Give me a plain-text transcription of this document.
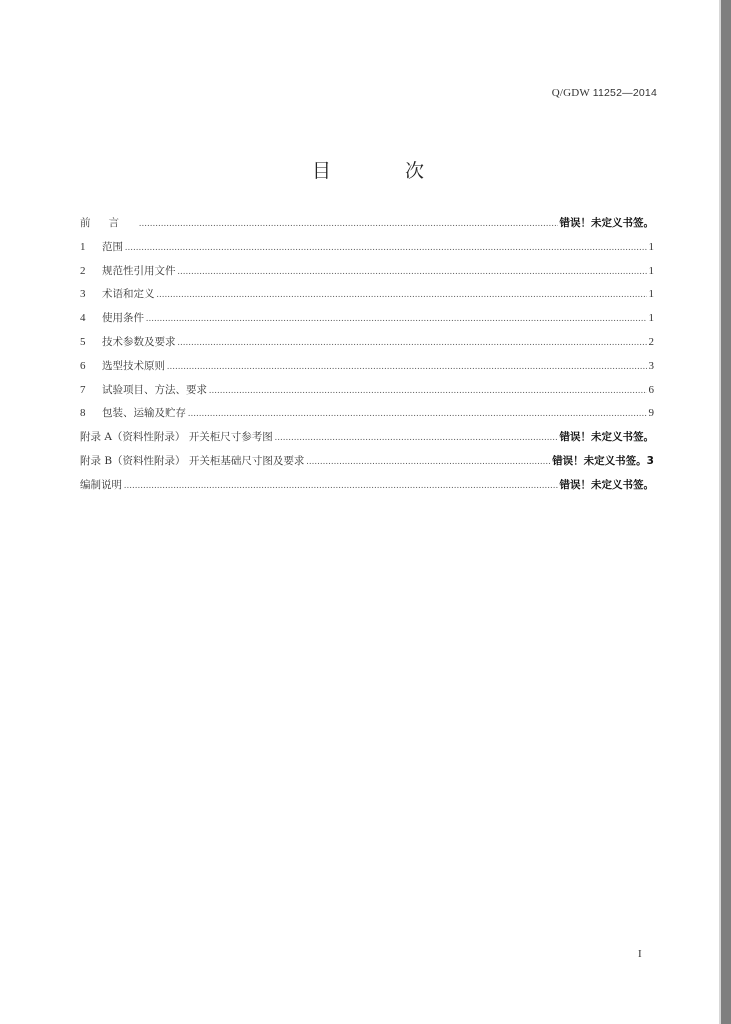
Q/GDW 11252—2014
目	次
前言 .....	错误！未定义书签。
1	范围 .....	1
2	规范性引用文件 .....	1
3	术语和定义 .....	1
4	使用条件 .....	1
5	技术参数及要求 .....	2
6	选型技术原则 .....	3
7	试验项目、方法、要求 .....	6
8	包装、运输及贮存 .....	9
附录 A（资料性附录） 开关柜尺寸参考图 .....	错误！未定义书签。
附录 B（资料性附录） 开关柜基础尺寸图及要求 .....	错误！未定义书签。3
编制说明 .....	错误！未定义书签。
I
